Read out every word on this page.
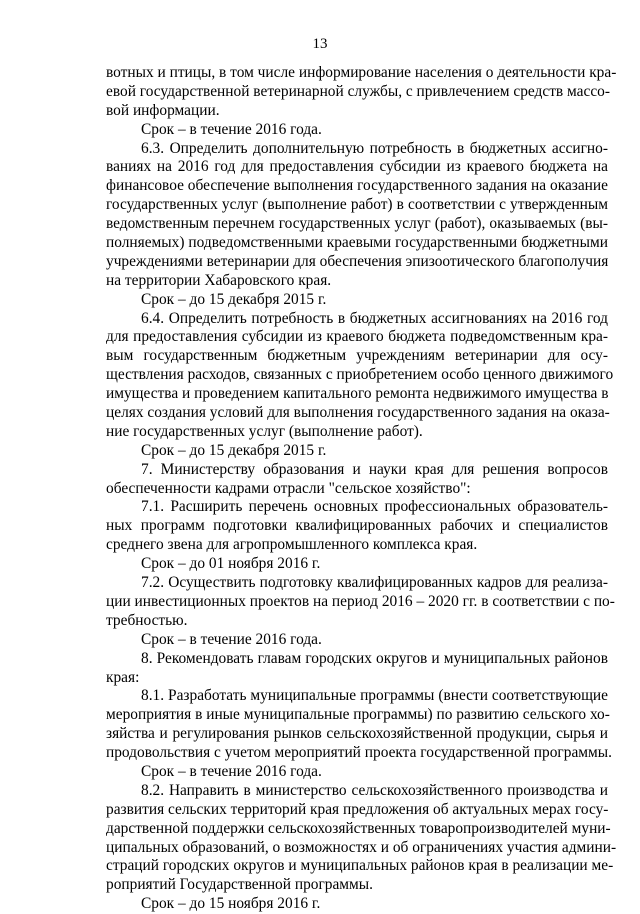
13
вотных и птицы, в том числе информирование населения о деятельности кра-
евой государственной ветеринарной службы, с привлечением средств массо-
вой информации.
Срок – в течение 2016 года.
6.3. Определить дополнительную потребность в бюджетных ассигно-
ваниях на 2016 год для предоставления субсидии из краевого бюджета на
финансовое обеспечение выполнения государственного задания на оказание
государственных услуг (выполнение работ) в соответствии с утвержденным
ведомственным перечнем государственных услуг (работ), оказываемых (вы-
полняемых) подведомственными краевыми государственными бюджетными
учреждениями ветеринарии для обеспечения эпизоотического благополучия
на территории Хабаровского края.
Срок – до 15 декабря 2015 г.
6.4. Определить потребность в бюджетных ассигнованиях на 2016 год
для предоставления субсидии из краевого бюджета подведомственным кра-
вым государственным бюджетным учреждениям ветеринарии для осу-
ществления расходов, связанных с приобретением особо ценного движимого
имущества и проведением капитального ремонта недвижимого имущества в
целях создания условий для выполнения государственного задания на оказа-
ние государственных услуг (выполнение работ).
Срок – до 15 декабря 2015 г.
7. Министерству образования и науки края для решения вопросов
обеспеченности кадрами отрасли "сельское хозяйство":
7.1. Расширить перечень основных профессиональных образователь-
ных программ подготовки квалифицированных рабочих и специалистов
среднего звена для агропромышленного комплекса края.
Срок – до 01 ноября 2016 г.
7.2. Осуществить подготовку квалифицированных кадров для реализа-
ции инвестиционных проектов на период 2016 – 2020 гг. в соответствии с по-
требностью.
Срок – в течение 2016 года.
8. Рекомендовать главам городских округов и муниципальных районов
края:
8.1. Разработать муниципальные программы (внести соответствующие
мероприятия в иные муниципальные программы) по развитию сельского хо-
зяйства и регулирования рынков сельскохозяйственной продукции, сырья и
продовольствия с учетом мероприятий проекта государственной программы.
Срок – в течение 2016 года.
8.2. Направить в министерство сельскохозяйственного производства и
развития сельских территорий края предложения об актуальных мерах госу-
дарственной поддержки сельскохозяйственных товаропроизводителей муни-
ципальных образований, о возможностях и об ограничениях участия админи-
страций городских округов и муниципальных районов края в реализации ме-
роприятий Государственной программы.
Срок – до 15 ноября 2016 г.
